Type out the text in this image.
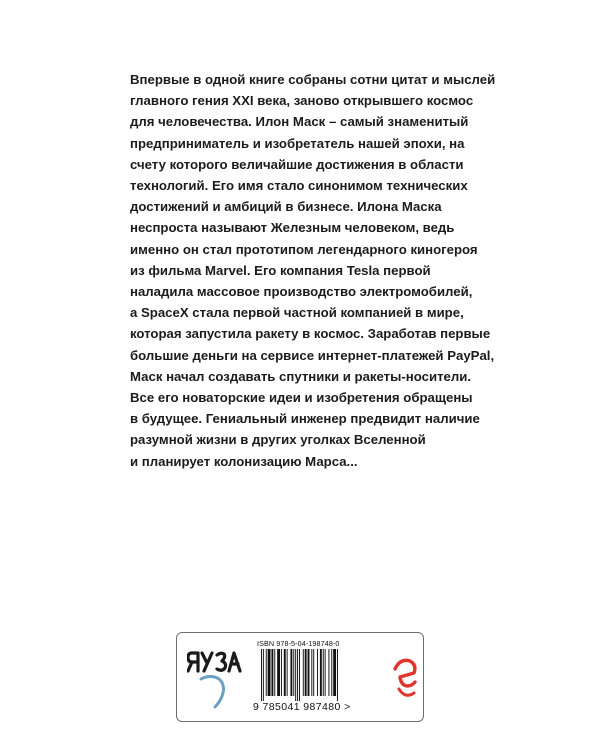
Впервые в одной книге собраны сотни цитат и мыслей
главного гения XXI века, заново открывшего космос
для человечества. Илон Маск – самый знаменитый
предприниматель и изобретатель нашей эпохи, на
счету которого величайшие достижения в области
технологий. Его имя стало синонимом технических
достижений и амбиций в бизнесе. Илона Маска
неспроста называют Железным человеком, ведь
именно он стал прототипом легендарного киногероя
из фильма Marvel. Его компания Tesla первой
наладила массовое производство электромобилей,
а SpaceX стала первой частной компанией в мире,
которая запустила ракету в космос. Заработав первые
большие деньги на сервисе интернет-платежей PayPal,
Маск начал создавать спутники и ракеты-носители.
Все его новаторские идеи и изобретения обращены
в будущее. Гениальный инженер предвидит наличие
разумной жизни в других уголках Вселенной
и планирует колонизацию Марса...
ISBN 978-5-04-198748-0
9 785041 987480 >
